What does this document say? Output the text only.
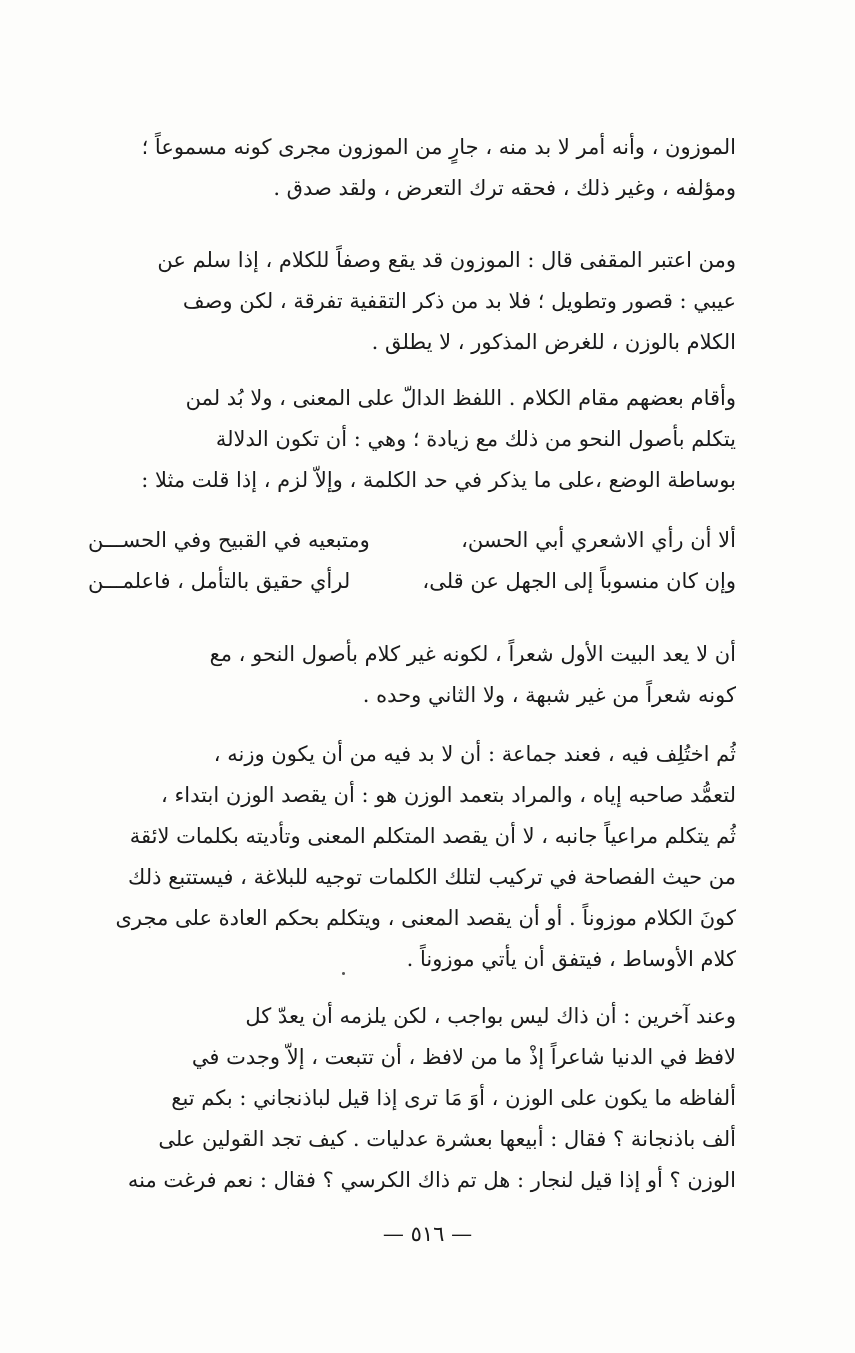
الموزون ، وأنه أمر لا بد منه ، جارٍ من الموزون مجرى كونه مسموعاً ؛
ومؤلفه ، وغير ذلك ، فحقه ترك التعرض ، ولقد صدق .
ومن اعتبر المقفى قال : الموزون قد يقع وصفاً للكلام ، إذا سلم عن
عيبي : قصور وتطويل ؛ فلا بد من ذكر التقفية تفرقة ، لكن وصف
الكلام بالوزن ، للغرض المذكور ، لا يطلق .
وأقام بعضهم مقام الكلام . اللفظ الدالّ على المعنى ، ولا بُد لمن
يتكلم بأصول النحو من ذلك مع زيادة ؛ وهي : أن تكون الدلالة
بوساطة الوضع ،على ما يذكر في حد الكلمة ، وإلاّ لزم ، إذا قلت مثلا :
ألا أن رأي الاشعري أبي الحسن،
ومتبعيه في القبيح وفي الحســـن
وإن كان منسوباً إلى الجهل عن قلى،
لرأي حقيق بالتأمل ، فاعلمـــن
أن لا يعد البيت الأول شعراً ، لكونه غير كلام بأصول النحو ، مع
كونه شعراً من غير شبهة ، ولا الثاني وحده .
ثُم اختُلِف فيه ، فعند جماعة : أن لا بد فيه من أن يكون وزنه ،
لتعمُّد صاحبه إياه ، والمراد بتعمد الوزن هو : أن يقصد الوزن ابتداء ،
ثُم يتكلم مراعياً جانبه ، لا أن يقصد المتكلم المعنى وتأديته بكلمات لائقة
من حيث الفصاحة في تركيب لتلك الكلمات توجيه للبلاغة ، فيستتبع ذلك
كونَ الكلام موزوناً . أو أن يقصد المعنى ، ويتكلم بحكم العادة على مجرى
كلام الأوساط ، فيتفق أن يأتي موزوناً .
وعند آخرين : أن ذاك ليس بواجب ، لكن يلزمه أن يعدّ كل
لافظ في الدنيا شاعراً إذْ ما من لافظ ، أن تتبعت ، إلاّ وجدت في
ألفاظه ما يكون على الوزن ، أوَ مَا ترى إذا قيل لباذنجاني : بكم تبع
ألف باذنجانة ؟ فقال : أبيعها بعشرة عدليات . كيف تجد القولين على
الوزن ؟ أو إذا قيل لنجار : هل تم ذاك الكرسي ؟ فقال : نعم فرغت منه
— ٥١٦ —
